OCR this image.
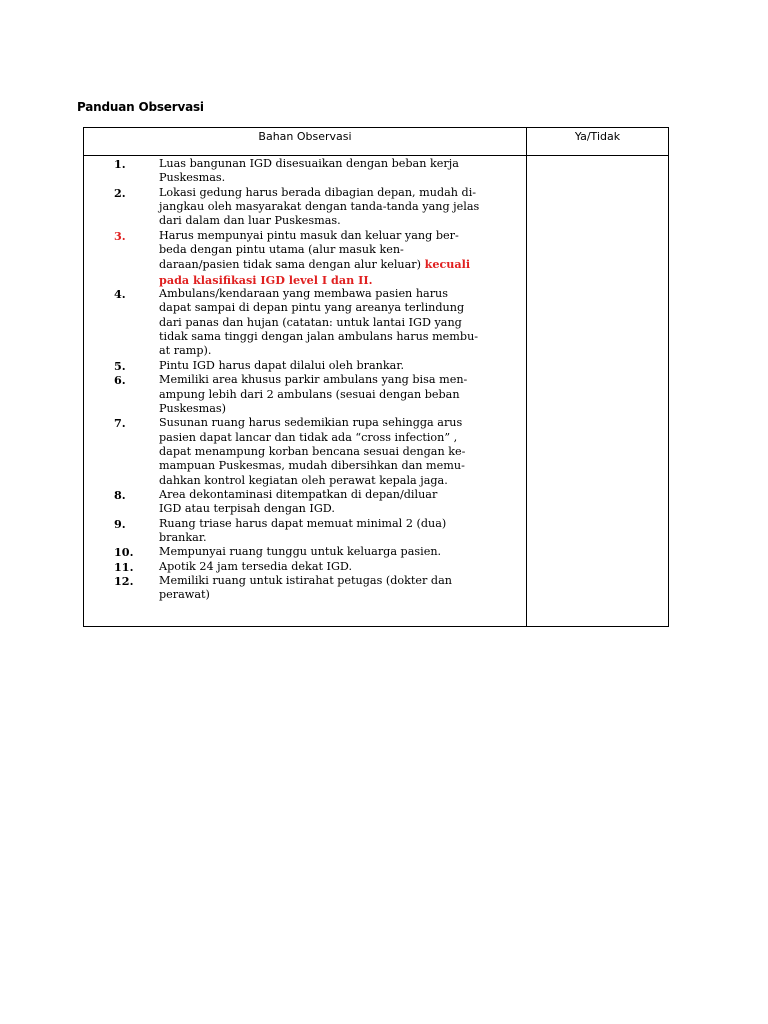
Panduan Observasi
Bahan Observasi	Ya/Tidak
1.	Luas bangunan IGD disesuaikan dengan beban kerja
Puskesmas.
2.	Lokasi gedung harus berada dibagian depan, mudah di-
jangkau oleh masyarakat dengan tanda-tanda yang jelas
dari dalam dan luar Puskesmas.
3.	Harus mempunyai pintu masuk dan keluar yang ber-
beda dengan pintu utama (alur masuk ken-
daraan/pasien tidak sama dengan alur keluar) kecuali
pada klasifikasi IGD level I dan II.
4.	Ambulans/kendaraan yang membawa pasien harus
dapat sampai di depan pintu yang areanya terlindung
dari panas dan hujan (catatan: untuk lantai IGD yang
tidak sama tinggi dengan jalan ambulans harus membu-
at ramp).
5.	Pintu IGD harus dapat dilalui oleh brankar.
6.	Memiliki area khusus parkir ambulans yang bisa men-
ampung lebih dari 2 ambulans (sesuai dengan beban
Puskesmas)
7.	Susunan ruang harus sedemikian rupa sehingga arus
pasien dapat lancar dan tidak ada “cross infection” ,
dapat menampung korban bencana sesuai dengan ke-
mampuan Puskesmas, mudah dibersihkan dan memu-
dahkan kontrol kegiatan oleh perawat kepala jaga.
8.	Area dekontaminasi ditempatkan di depan/diluar
IGD atau terpisah dengan IGD.
9.	Ruang triase harus dapat memuat minimal 2 (dua)
brankar.
10. Mempunyai ruang tunggu untuk keluarga pasien.
11. Apotik 24 jam tersedia dekat IGD.
12. Memiliki ruang untuk istirahat petugas (dokter dan
perawat)
